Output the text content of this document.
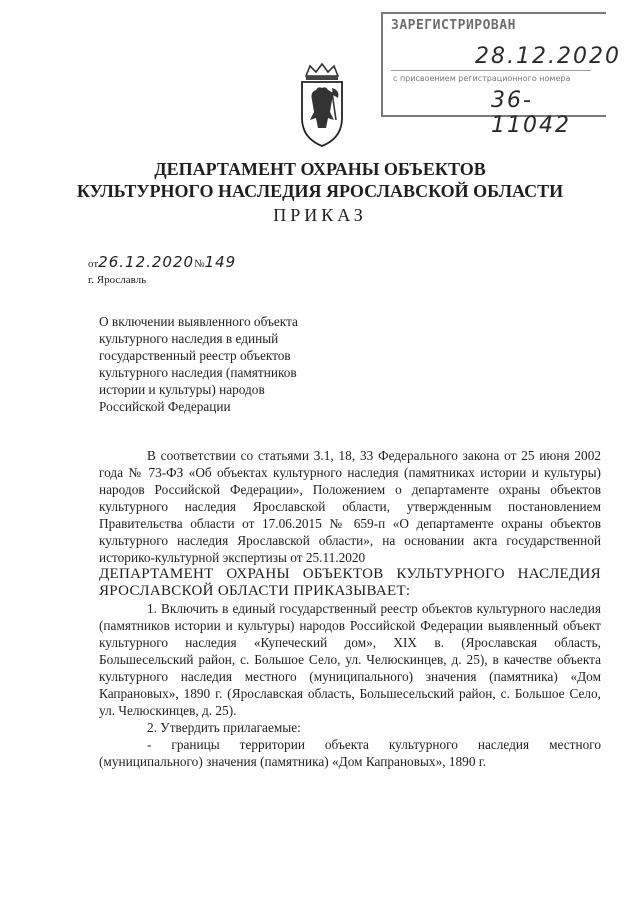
ЗАРЕГИСТРИРОВАН
28.12.2020
с присвоением регистрационного номера
36-11042
ДЕПАРТАМЕНТ ОХРАНЫ ОБЪЕКТОВ
КУЛЬТУРНОГО НАСЛЕДИЯ ЯРОСЛАВСКОЙ ОБЛАСТИ
ПРИКАЗ
от26.12.2020№149
г. Ярославль
О включении выявленного объекта
культурного наследия в единый
государственный реестр объектов
культурного наследия (памятников
истории и культуры) народов
Российской Федерации

В соответствии со статьями 3.1, 18, 33 Федерального закона от 25 июня 2002 года № 73-ФЗ «Об объектах культурного наследия (памятниках истории и культуры) народов Российской Федерации», Положением о департаменте охраны объектов культурного наследия Ярославской области, утвержденным постановлением Правительства области от 17.06.2015 № 659-п «О департаменте охраны объектов культурного наследия Ярославской области», на основании акта государственной историко-культурной экспертизы от 25.11.2020

ДЕПАРТАМЕНТ ОХРАНЫ ОБЪЕКТОВ КУЛЬТУРНОГО НАСЛЕДИЯ ЯРОСЛАВСКОЙ ОБЛАСТИ ПРИКАЗЫВАЕТ:

1. Включить в единый государственный реестр объектов культурного наследия (памятников истории и культуры) народов Российской Федерации выявленный объект культурного наследия «Купеческий дом», XIX в. (Ярославская область, Большесельский район, с. Большое Село, ул. Челюскинцев, д. 25), в качестве объекта культурного наследия местного (муниципального) значения (памятника) «Дом Капрановых», 1890 г. (Ярославская область, Большесельский район, с. Большое Село, ул. Челюскинцев, д. 25).

2. Утвердить прилагаемые:

- границы территории объекта культурного наследия местного (муниципального) значения (памятника) «Дом Капрановых», 1890 г.
